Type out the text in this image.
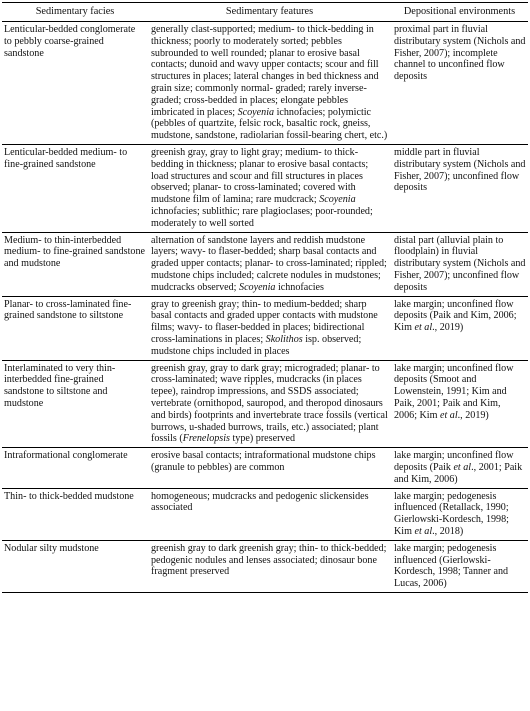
Sedimentary facies	Sedimentary features	Depositional environments
Lenticular-bedded conglomerate to pebbly coarse-grained sandstone	generally clast-supported; medium- to thick-bedding in thickness; poorly to moderately sorted; pebbles subrounded to well rounded; planar to erosive basal contacts; dunoid and wavy upper contacts; scour and fill structures in places; lateral changes in bed thickness and grain size; commonly normal- graded; rarely inverse-graded; cross-bedded in places; elongate pebbles imbricated in places; Scoyenia ichnofacies; polymictic (pebbles of quartzite, felsic rock, basaltic rock, gneiss, mudstone, sandstone, radiolarian fossil-bearing chert, etc.)	proximal part in fluvial distributary system (Nichols and Fisher, 2007); incomplete channel to unconfined flow deposits
Lenticular-bedded medium- to fine-grained sandstone	greenish gray, gray to light gray; medium- to thick-bedding in thickness; planar to erosive basal contacts; load structures and scour and fill structures in places observed; planar- to cross-laminated; covered with mudstone film of lamina; rare mudcrack; Scoyenia ichnofacies; sublithic; rare plagioclases; poor-rounded; moderately to well sorted	middle part in fluvial distributary system (Nichols and Fisher, 2007); unconfined flow deposits
Medium- to thin-interbedded medium- to fine-grained sandstone and mudstone	alternation of sandstone layers and reddish mudstone layers; wavy- to flaser-bedded; sharp basal contacts and graded upper contacts; planar- to cross-laminated; rippled; mudstone chips included; calcrete nodules in mudstones; mudcracks observed; Scoyenia ichnofacies	distal part (alluvial plain to floodplain) in fluvial distributary system (Nichols and Fisher, 2007); unconfined flow deposits
Planar- to cross-laminated fine-grained sandstone to siltstone	gray to greenish gray; thin- to medium-bedded; sharp basal contacts and graded upper contacts with mudstone films; wavy- to flaser-bedded in places; bidirectional cross-laminations in places; Skolithos isp. observed; mudstone chips included in places	lake margin; unconfined flow deposits (Paik and Kim, 2006; Kim et al., 2019)
Interlaminated to very thin-interbedded fine-grained sandstone to siltstone and mudstone	greenish gray, gray to dark gray; micrograded; planar- to cross-laminated; wave ripples, mudcracks (in places tepee), raindrop impressions, and SSDS associated; vertebrate (ornithopod, sauropod, and theropod dinosaurs and birds) footprints and invertebrate trace fossils (vertical burrows, u-shaded burrows, trails, etc.) associated; plant fossils (Frenelopsis type) preserved	lake margin; unconfined flow deposits (Smoot and Lowenstein, 1991; Kim and Paik, 2001; Paik and Kim, 2006; Kim et al., 2019)
Intraformational conglomerate	erosive basal contacts; intraformational mudstone chips (granule to pebbles) are common	lake margin; unconfined flow deposits (Paik et al., 2001; Paik and Kim, 2006)
Thin- to thick-bedded mudstone	homogeneous; mudcracks and pedogenic slickensides associated	lake margin; pedogenesis influenced (Retallack, 1990; Gierlowski-Kordesch, 1998; Kim et al., 2018)
Nodular silty mudstone	greenish gray to dark greenish gray; thin- to thick-bedded; pedogenic nodules and lenses associated; dinosaur bone fragment preserved	lake margin; pedogenesis influenced (Gierlowski-Kordesch, 1998; Tanner and Lucas, 2006)
